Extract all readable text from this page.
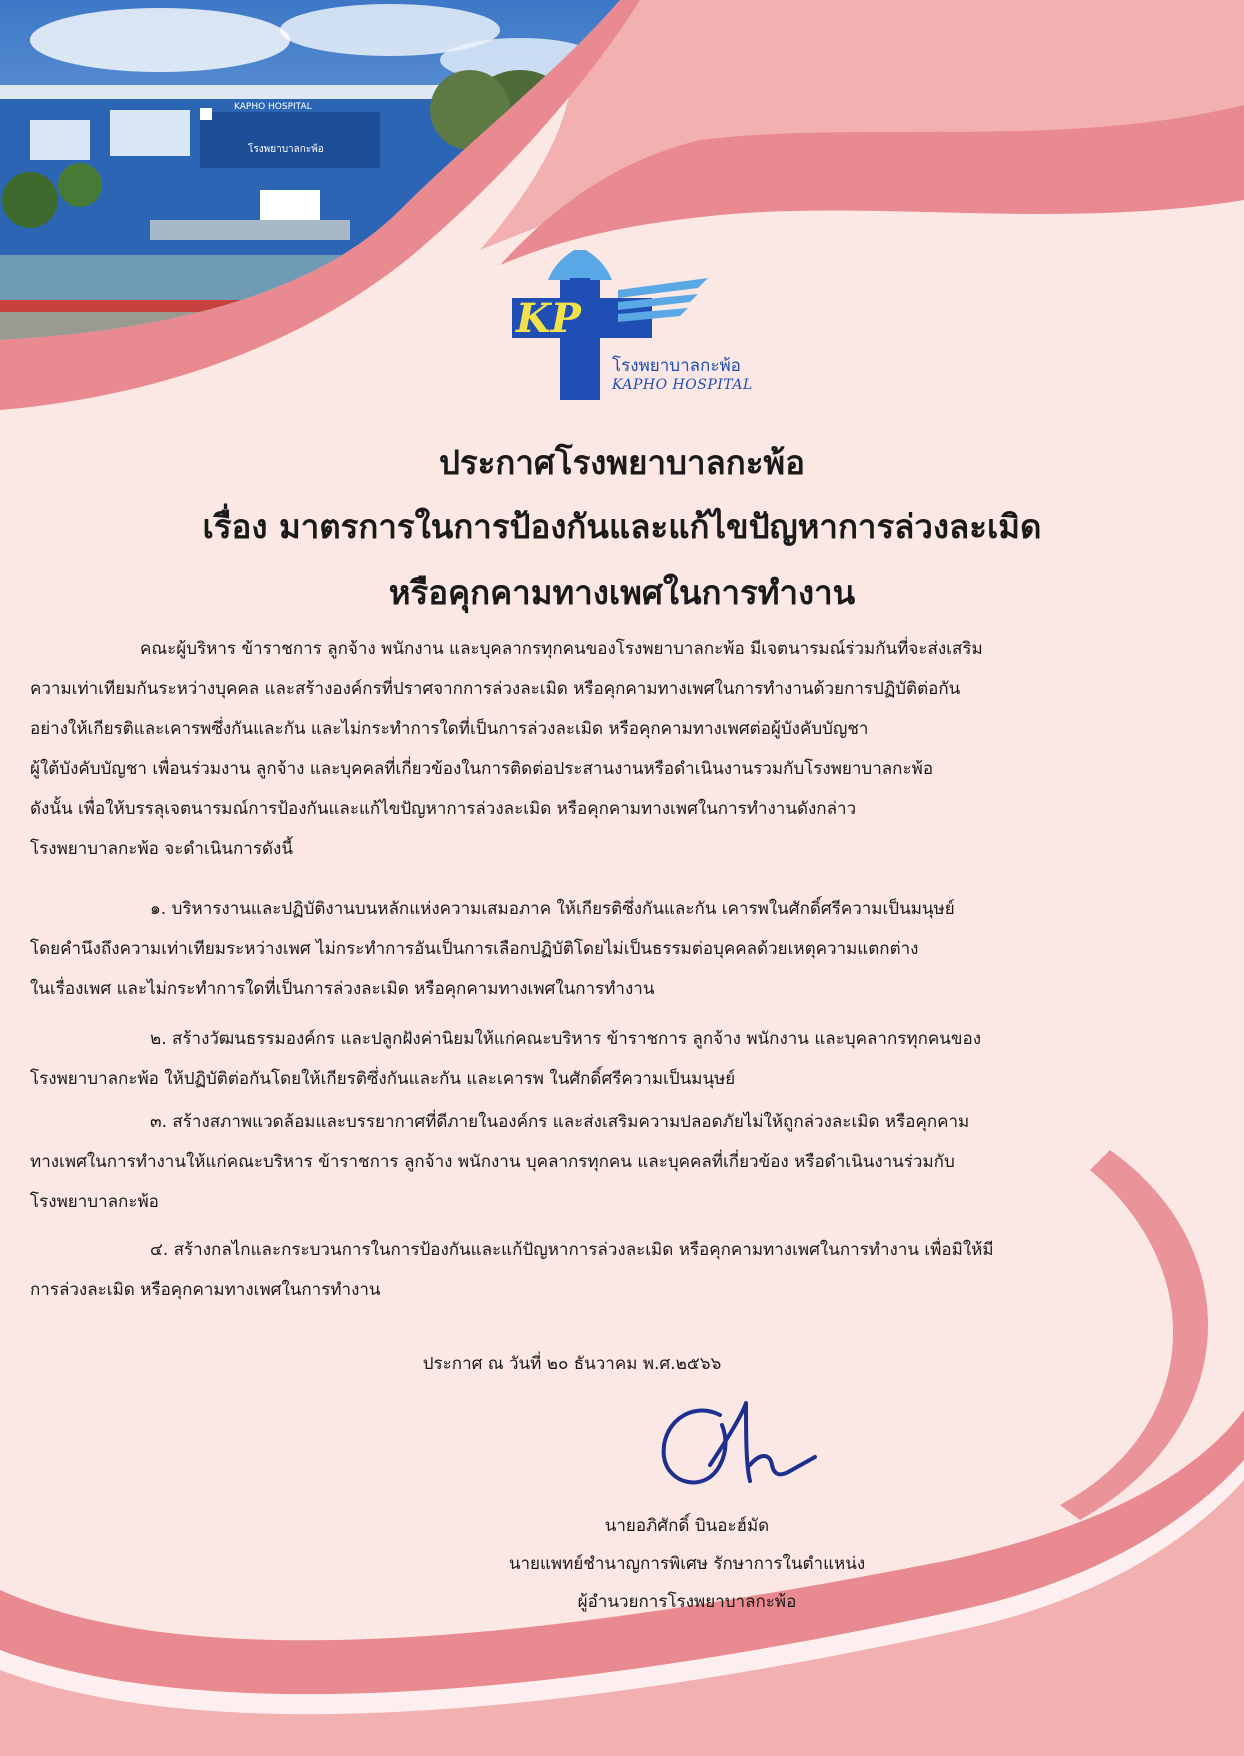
KAPHO HOSPITAL
โรงพยาบาลกะพ้อ
KP
โรงพยาบาลกะพ้อ
KAPHO HOSPITAL
ประกาศโรงพยาบาลกะพ้อ
เรื่อง มาตรการในการป้องกันและแก้ไขปัญหาการล่วงละเมิด
หรือคุกคามทางเพศในการทำงาน
คณะผู้บริหาร ข้าราชการ ลูกจ้าง พนักงาน และบุคลากรทุกคนของโรงพยาบาลกะพ้อ มีเจตนารมณ์ร่วมกันที่จะส่งเสริม
ความเท่าเทียมกันระหว่างบุคคล และสร้างองค์กรที่ปราศจากการล่วงละเมิด หรือคุกคามทางเพศในการทำงานด้วยการปฏิบัติต่อกัน
อย่างให้เกียรติและเคารพซึ่งกันและกัน และไม่กระทำการใดที่เป็นการล่วงละเมิด หรือคุกคามทางเพศต่อผู้บังคับบัญชา
ผู้ใต้บังคับบัญชา เพื่อนร่วมงาน ลูกจ้าง และบุคคลที่เกี่ยวข้องในการติดต่อประสานงานหรือดำเนินงานรวมกับโรงพยาบาลกะพ้อ
ดังนั้น เพื่อให้บรรลุเจตนารมณ์การป้องกันและแก้ไขปัญหาการล่วงละเมิด หรือคุกคามทางเพศในการทำงานดังกล่าว
โรงพยาบาลกะพ้อ จะดำเนินการดังนี้
๑. บริหารงานและปฏิบัติงานบนหลักแห่งความเสมอภาค ให้เกียรติซึ่งกันและกัน เคารพในศักดิ์ศรีความเป็นมนุษย์
โดยคำนึงถึงความเท่าเทียมระหว่างเพศ ไม่กระทำการอันเป็นการเลือกปฏิบัติโดยไม่เป็นธรรมต่อบุคคลด้วยเหตุความแตกต่าง
ในเรื่องเพศ และไม่กระทำการใดที่เป็นการล่วงละเมิด หรือคุกคามทางเพศในการทำงาน
๒. สร้างวัฒนธรรมองค์กร และปลูกฝังค่านิยมให้แก่คณะบริหาร ข้าราชการ ลูกจ้าง พนักงาน และบุคลากรทุกคนของ
โรงพยาบาลกะพ้อ ให้ปฏิบัติต่อกันโดยให้เกียรติซึ่งกันและกัน และเคารพ ในศักดิ์ศรีความเป็นมนุษย์
๓. สร้างสภาพแวดล้อมและบรรยากาศที่ดีภายในองค์กร และส่งเสริมความปลอดภัยไม่ให้ถูกล่วงละเมิด หรือคุกคาม
ทางเพศในการทำงานให้แก่คณะบริหาร ข้าราชการ ลูกจ้าง พนักงาน บุคลากรทุกคน และบุคคลที่เกี่ยวข้อง หรือดำเนินงานร่วมกับ
โรงพยาบาลกะพ้อ
๔. สร้างกลไกและกระบวนการในการป้องกันและแก้ปัญหาการล่วงละเมิด หรือคุกคามทางเพศในการทำงาน เพื่อมิให้มี
การล่วงละเมิด หรือคุกคามทางเพศในการทำงาน
ประกาศ ณ วันที่ ๒๐ ธันวาคม พ.ศ.๒๕๖๖
นายอภิศักดิ์ บินอะฮ์มัด
นายแพทย์ชำนาญการพิเศษ รักษาการในตำแหน่ง
ผู้อำนวยการโรงพยาบาลกะพ้อ
